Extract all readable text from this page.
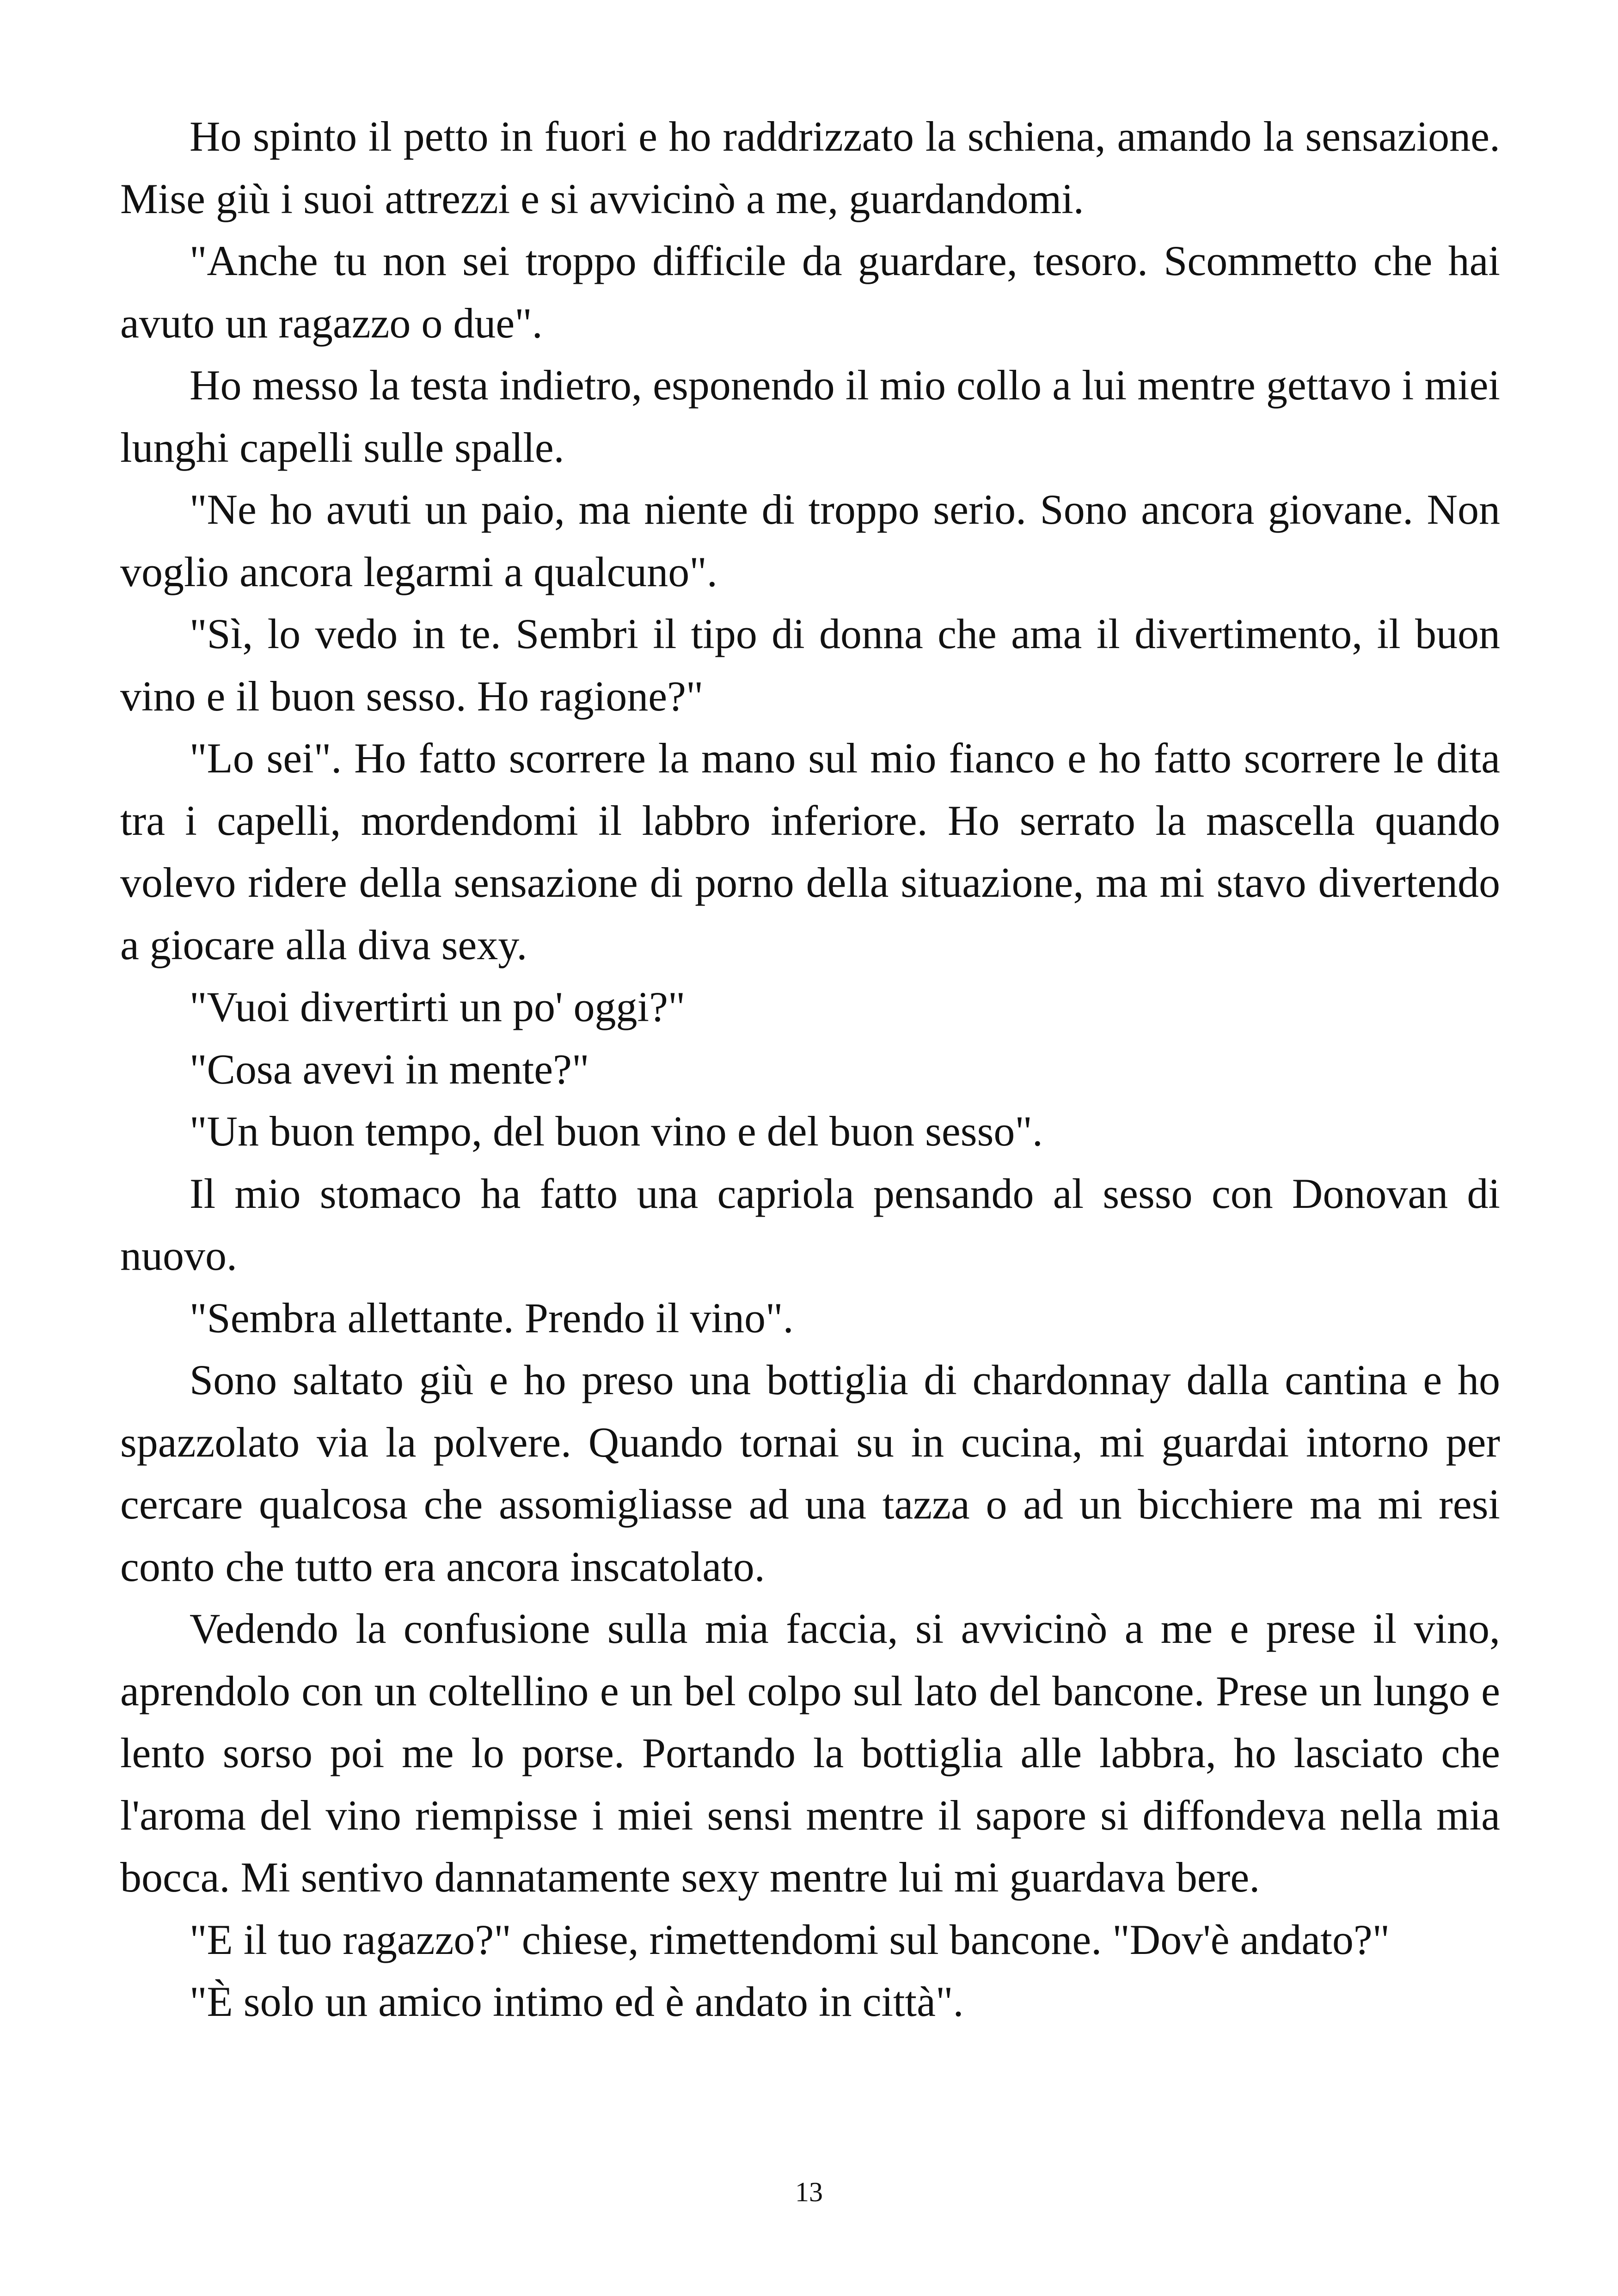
Ho spinto il petto in fuori e ho raddrizzato la schiena, amando la sensazione. Mise giù i suoi attrezzi e si avvicinò a me, guardandomi.

"Anche tu non sei troppo difficile da guardare, tesoro. Scommetto che hai avuto un ragazzo o due".

Ho messo la testa indietro, esponendo il mio collo a lui mentre gettavo i miei lunghi capelli sulle spalle.

"Ne ho avuti un paio, ma niente di troppo serio. Sono ancora giovane. Non voglio ancora legarmi a qualcuno".

"Sì, lo vedo in te. Sembri il tipo di donna che ama il divertimento, il buon vino e il buon sesso. Ho ragione?"

"Lo sei". Ho fatto scorrere la mano sul mio fianco e ho fatto scorrere le dita tra i capelli, mordendomi il labbro inferiore. Ho serrato la mascella quando volevo ridere della sensazione di porno della situazione, ma mi stavo divertendo a giocare alla diva sexy.

"Vuoi divertirti un po' oggi?"

"Cosa avevi in mente?"

"Un buon tempo, del buon vino e del buon sesso".

Il mio stomaco ha fatto una capriola pensando al sesso con Donovan di nuovo.

"Sembra allettante. Prendo il vino".

Sono saltato giù e ho preso una bottiglia di chardonnay dalla cantina e ho spazzolato via la polvere. Quando tornai su in cucina, mi guardai intorno per cercare qualcosa che assomigliasse ad una tazza o ad un bicchiere ma mi resi conto che tutto era ancora inscatolato.

Vedendo la confusione sulla mia faccia, si avvicinò a me e prese il vino, aprendolo con un coltellino e un bel colpo sul lato del bancone. Prese un lungo e lento sorso poi me lo porse. Portando la bottiglia alle labbra, ho lasciato che l'aroma del vino riempisse i miei sensi mentre il sapore si diffondeva nella mia bocca. Mi sentivo dannatamente sexy mentre lui mi guardava bere.

"E il tuo ragazzo?" chiese, rimettendomi sul bancone. "Dov'è andato?"

"È solo un amico intimo ed è andato in città".

13
